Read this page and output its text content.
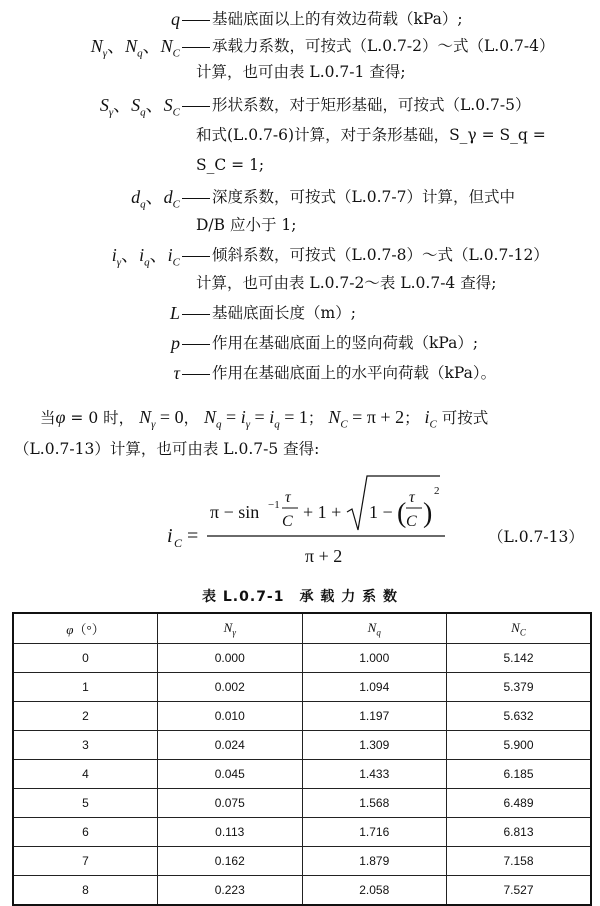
q	基础底面以上的有效边荷载（kPa）;
$N_\gamma$、$N_q$、$N_C$	承载力系数，可按式（L.0.7-2）～式（L.0.7-4）
计算，也可由表 L.0.7-1 查得;
$S_\gamma$、$S_q$、$S_C$	形状系数，对于矩形基础，可按式（L.0.7-5）
和式(L.0.7-6)计算，对于条形基础，S_γ = S_q =
S_C = 1;
$d_q$、$d_C$	深度系数，可按式（L.0.7-7）计算，但式中
D/B 应小于 1;
$i_\gamma$、$i_q$、$i_C$	倾斜系数，可按式（L.0.7-8）～式（L.0.7-12）
计算，也可由表 L.0.7-2～表 L.0.7-4 查得;
L	基础底面长度（m）;
p	作用在基础底面上的竖向荷载（kPa）;
τ	作用在基础底面上的水平向荷载（kPa）。
当φ = 0 时， $N_\gamma = 0$， $N_q = i_\gamma = i_q = 1$； $N_C = \pi + 2$； $i_C$ 可按式
（L.0.7-13）计算，也可由表 L.0.7-5 查得:
i C =
π − sin −1 τ
C + 1 + 1 − (
τ
C )
2
π + 2
（L.0.7-13）
表 L.0.7-1　承 载 力 系 数
φ（°）	$N_\gamma$	$N_q$	$N_C$
0	0.000	1.000	5.142
1	0.002	1.094	5.379
2	0.010	1.197	5.632
3	0.024	1.309	5.900
4	0.045	1.433	6.185
5	0.075	1.568	6.489
6	0.113	1.716	6.813
7	0.162	1.879	7.158
8	0.223	2.058	7.527
